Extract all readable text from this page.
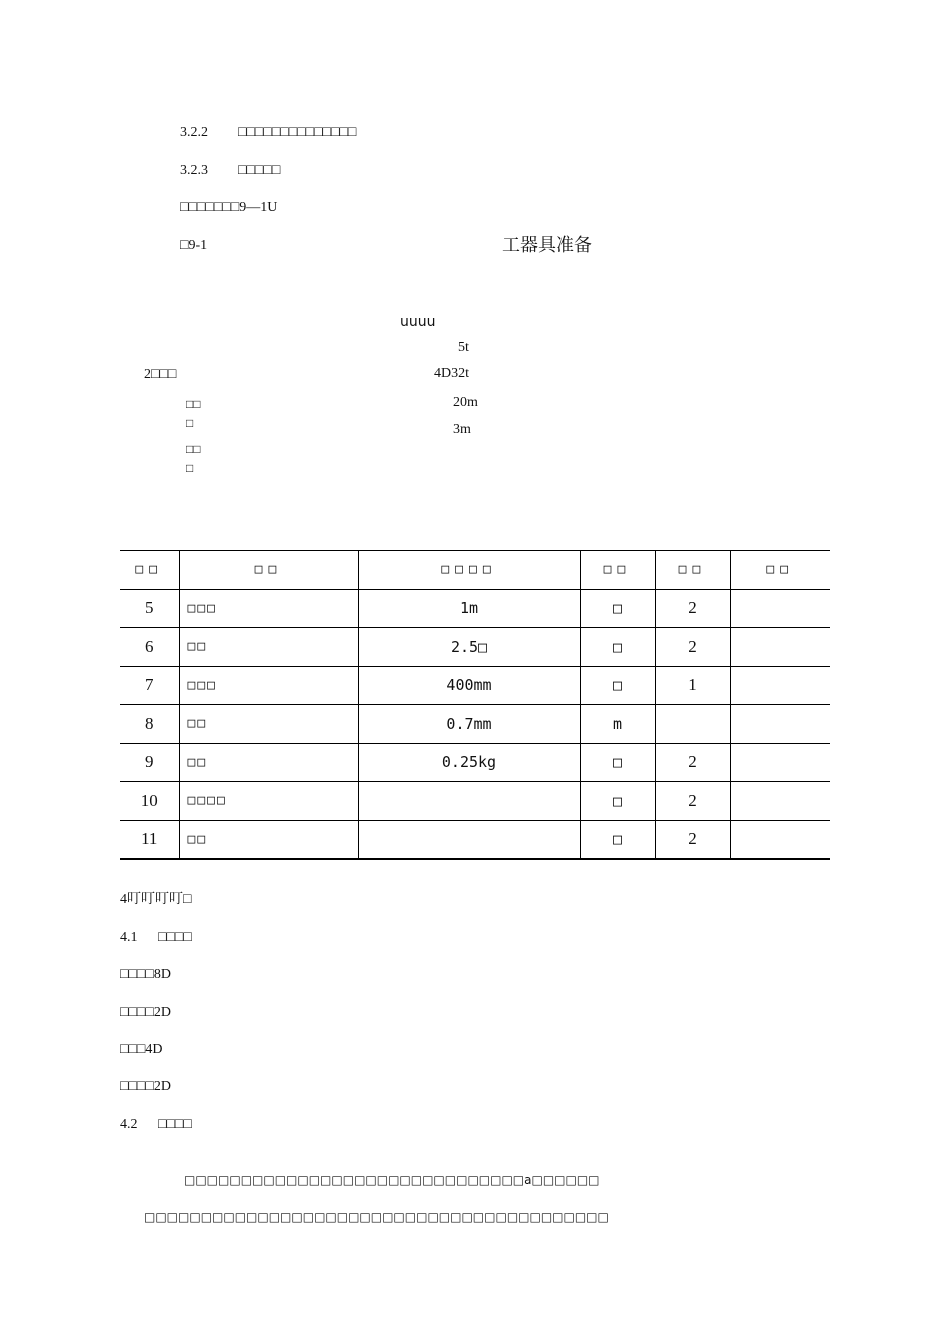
3.2.2 □□□□□□□□□□□□□□
3.2.3 □□□□□
□□□□□□□9—1U
□9-1	工器具准备
uuuu
5t
2□□□	4D32t
□□	20m
□	3m
□□
□
□□	□□	□□□□	□□	□□	□□
5	□□□	1m	□	2	
6	□□	2.5□	□	2	
7	□□□	400mm	□	1	
8	□□	0.7mm	m		
9	□□	0.25kg	□	2	
10	□□□□		□	2	
11	□□		□	2	
4叮叮叮叮□
4.1 □□□□
□□□□8D
□□□□2D
□□□4D
□□□□2D
4.2 □□□□
□□□□□□□□□□□□□□□□□□□□□□□□□□□□□□a□□□□□□
□□□□□□□□□□□□□□□□□□□□□□□□□□□□□□□□□□□□□□□□□
